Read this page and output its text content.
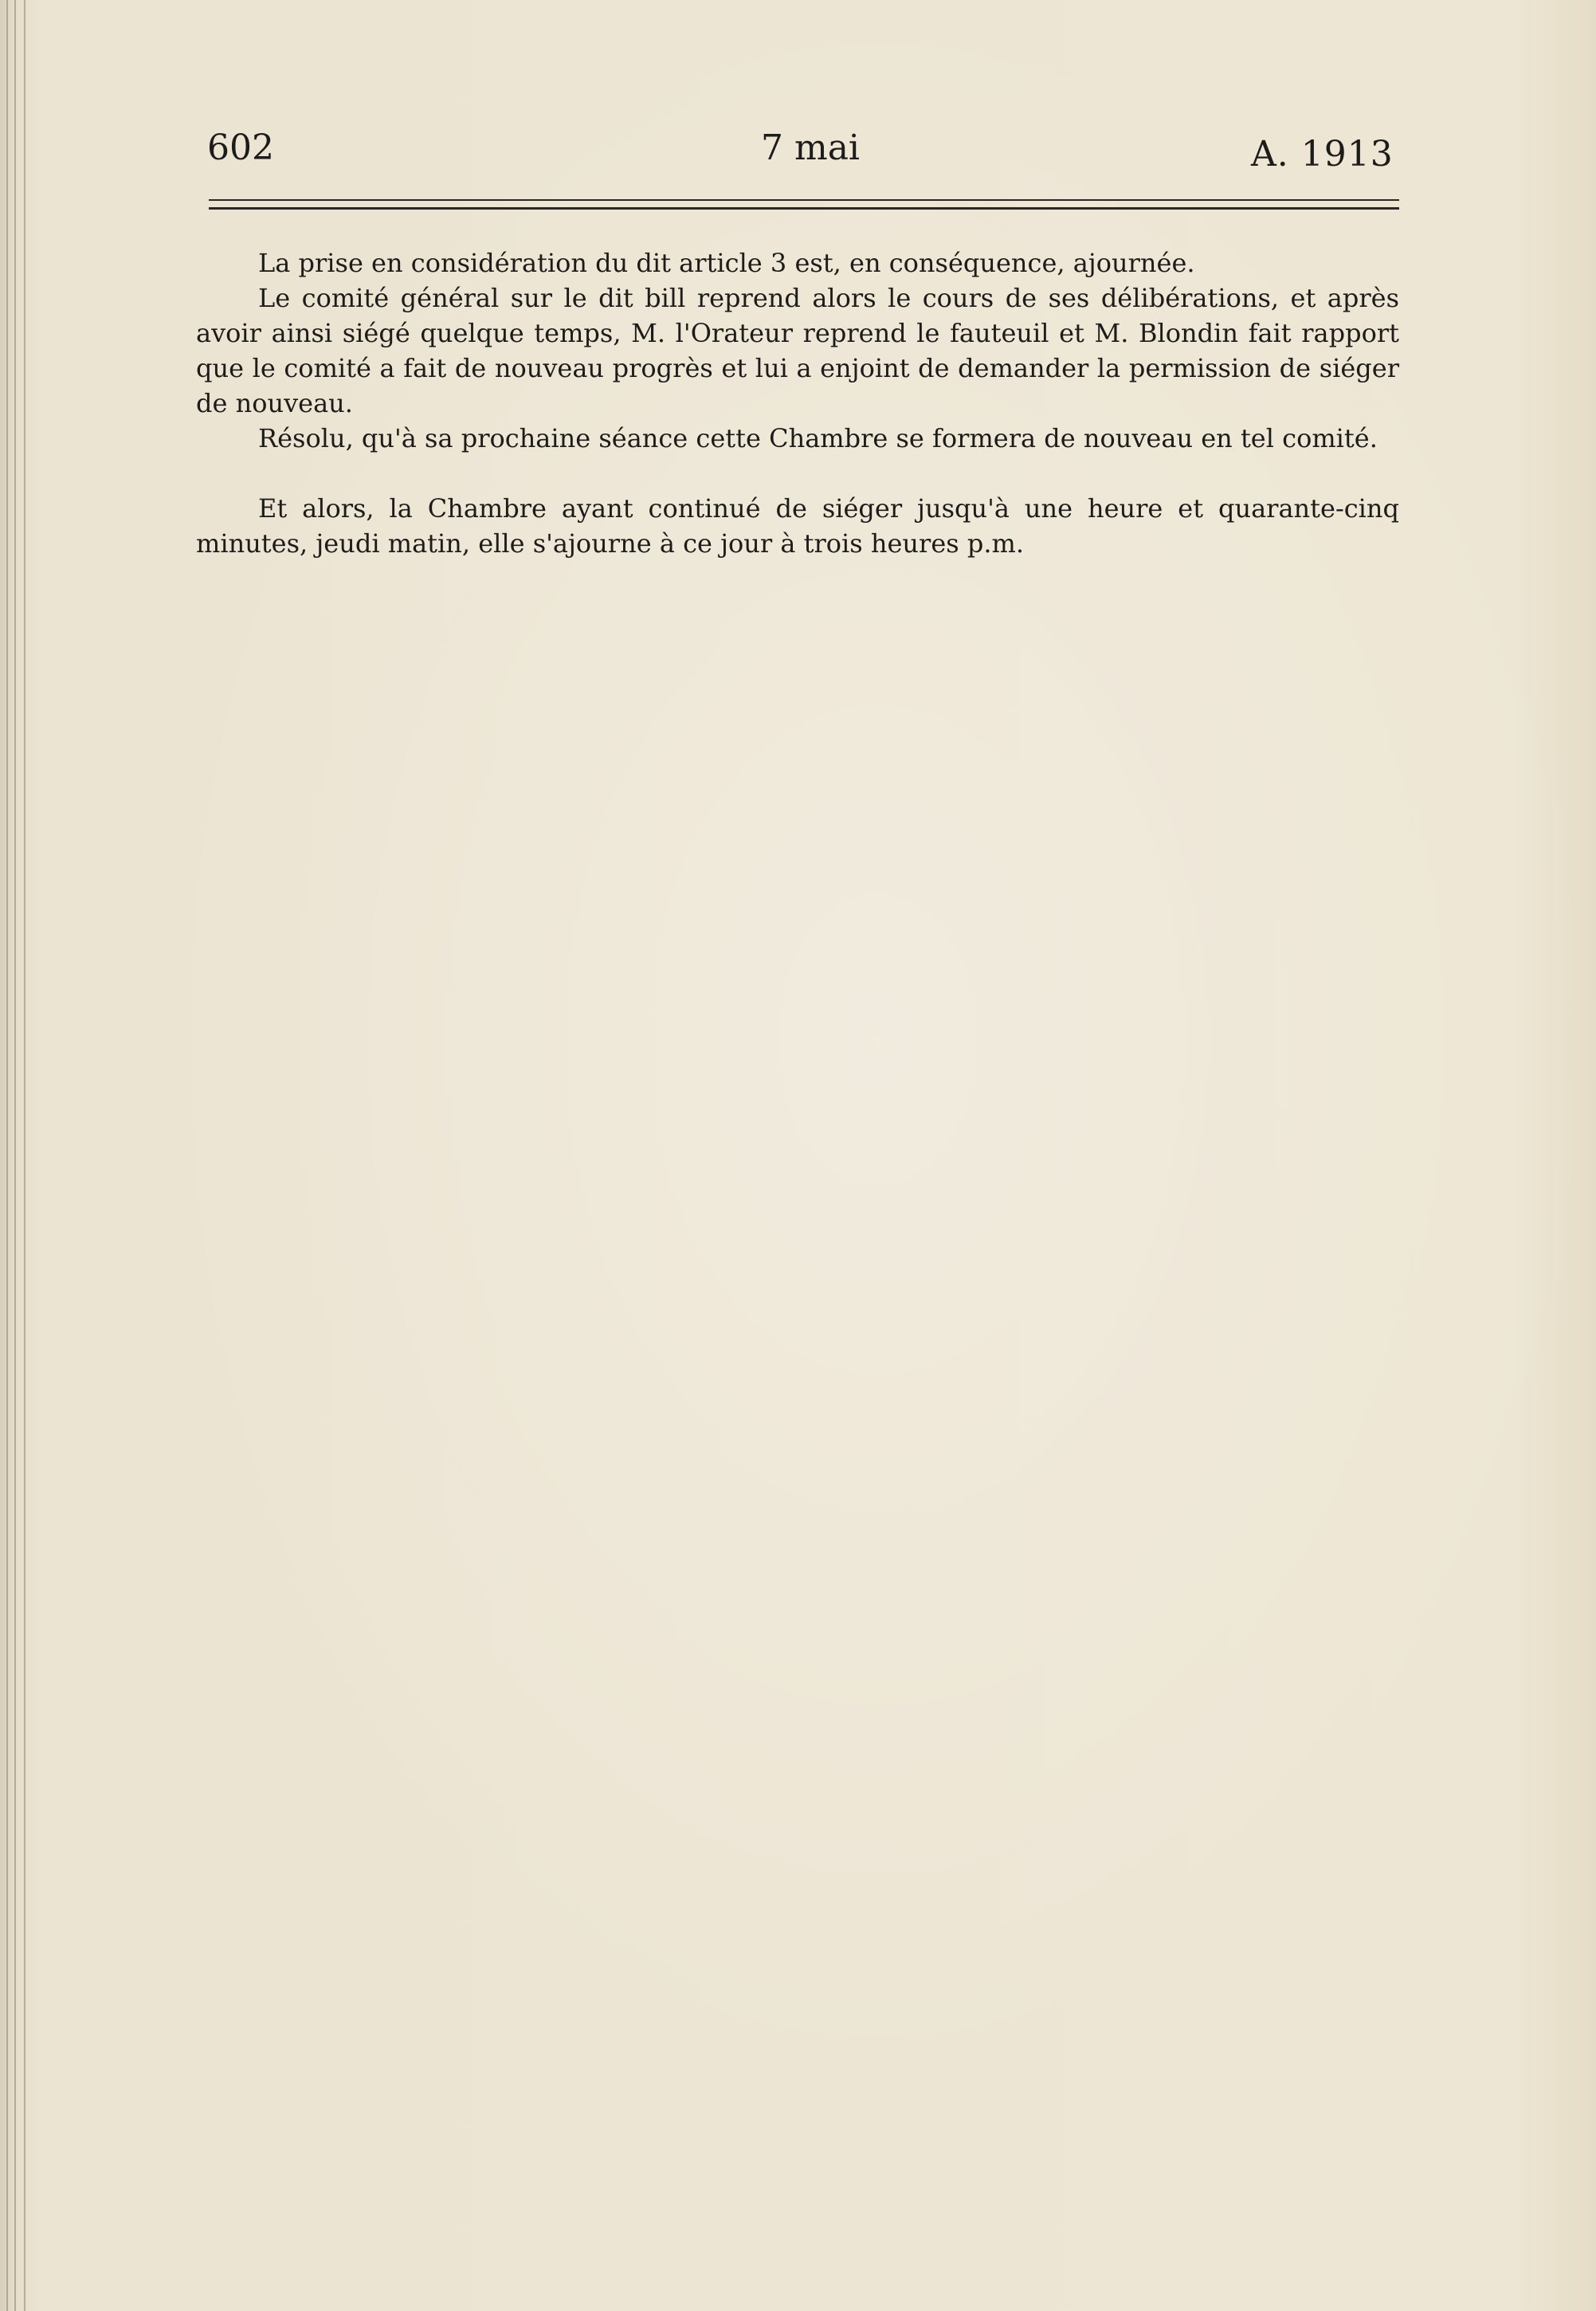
602	7 mai	A. 1913

La prise en considération du dit article 3 est, en conséquence, ajournée.

Le comité général sur le dit bill reprend alors le cours de ses délibérations, et après avoir ainsi siégé quelque temps, M. l'Orateur reprend le fauteuil et M. Blondin fait rapport que le comité a fait de nouveau progrès et lui a enjoint de demander la permission de siéger de nouveau.

Résolu, qu'à sa prochaine séance cette Chambre se formera de nouveau en tel comité.

Et alors, la Chambre ayant continué de siéger jusqu'à une heure et quarante-cinq minutes, jeudi matin, elle s'ajourne à ce jour à trois heures p.m.
